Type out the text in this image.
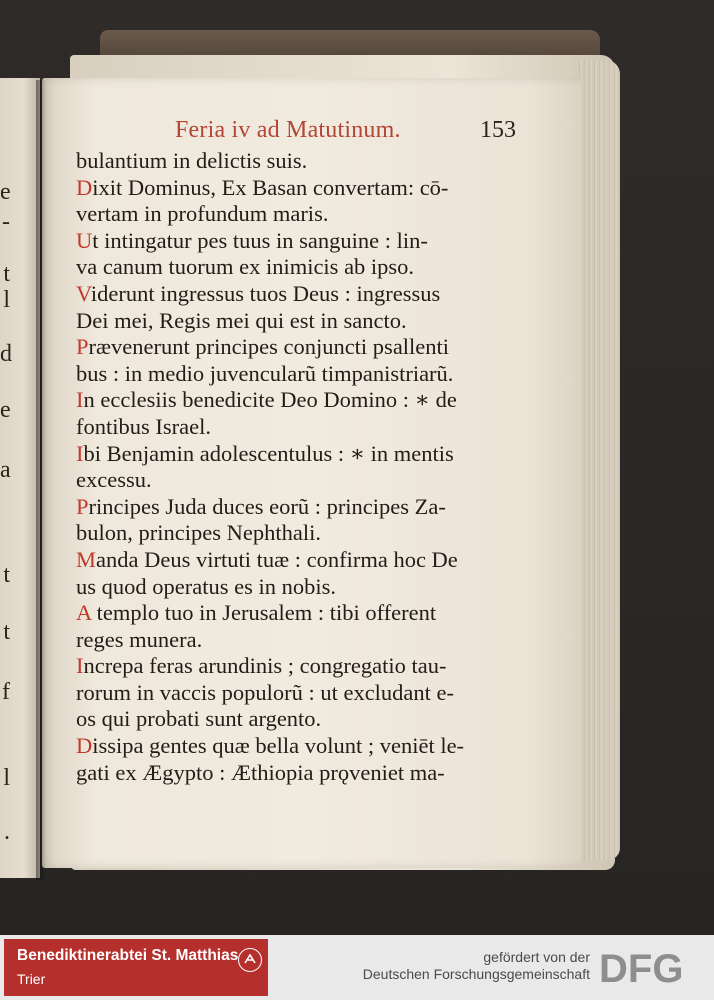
e
-
t
l
d
e
a
t
t
f
l
.
Feria iv ad Matutinum.	153
bulantium in delictis suis.
Dixit Dominus, Ex Basan convertam: cō-
vertam in profundum maris.
Ut intingatur pes tuus in sanguine : lin-
va canum tuorum ex inimicis ab ipso.
Viderunt ingressus tuos Deus : ingressus
Dei mei, Regis mei qui est in sancto.
Prævenerunt principes conjuncti psallenti
bus : in medio juvencularũ timpanistriarũ.
In ecclesiis benedicite Deo Domino : ∗ de
fontibus Israel.
Ibi Benjamin adolescentulus : ∗ in mentis
excessu.
Principes Juda duces eorũ : principes Za-
bulon, principes Nephthali.
Manda Deus virtuti tuæ : confirma hoc De
us quod operatus es in nobis.
A templo tuo in Jerusalem : tibi offerent
reges munera.
Increpa feras arundinis ; congregatio tau-
rorum in vaccis populorũ : ut excludant e-
os qui probati sunt argento.
Dissipa gentes quæ bella volunt ; veniēt le-
gati ex Ægypto : Æthiopia prǫveniet ma-
Benediktinerabtei St. Matthias
Trier
gefördert von der
Deutschen Forschungsgemeinschaft DFG
